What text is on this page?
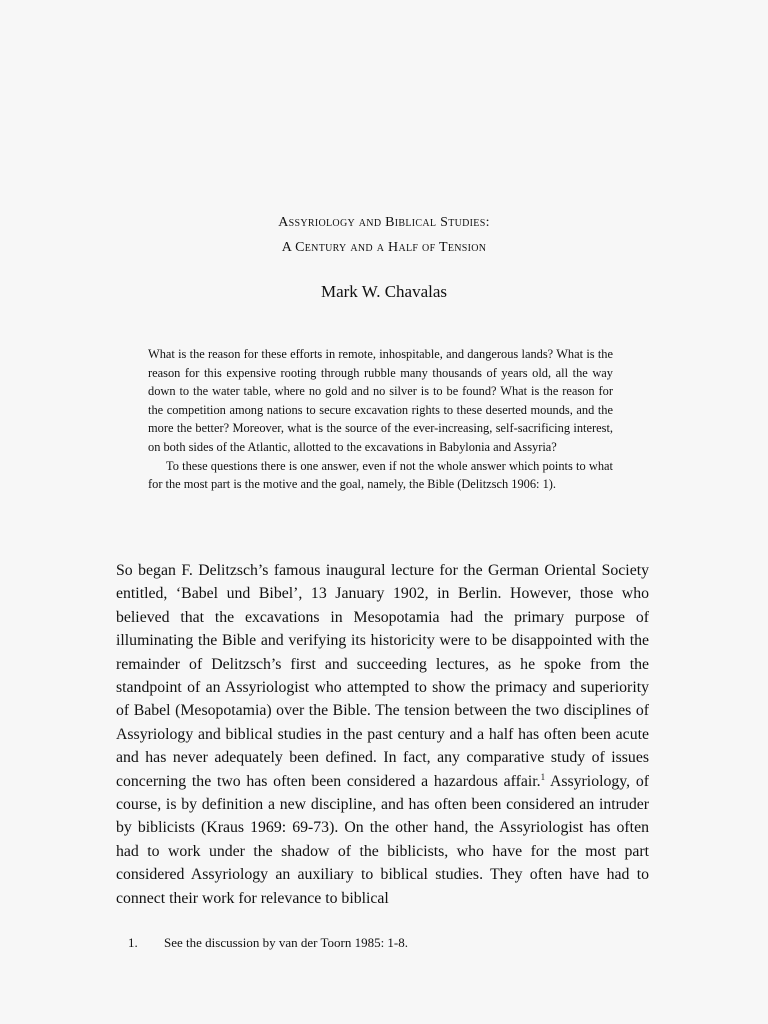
Assyriology and Biblical Studies:
A Century and a Half of Tension
Mark W. Chavalas

What is the reason for these efforts in remote, inhospitable, and dangerous lands? What is the reason for this expensive rooting through rubble many thousands of years old, all the way down to the water table, where no gold and no silver is to be found? What is the reason for the competition among nations to secure excavation rights to these deserted mounds, and the more the better? Moreover, what is the source of the ever-increasing, self-sacrificing interest, on both sides of the Atlantic, allotted to the excavations in Babylonia and Assyria?

To these questions there is one answer, even if not the whole answer which points to what for the most part is the motive and the goal, namely, the Bible (Delitzsch 1906: 1).

So began F. Delitzsch’s famous inaugural lecture for the German Oriental Society entitled, ‘Babel und Bibel’, 13 January 1902, in Berlin. However, those who believed that the excavations in Mesopotamia had the primary purpose of illuminating the Bible and verifying its historicity were to be disappointed with the remainder of Delitzsch’s first and succeeding lectures, as he spoke from the standpoint of an Assyriologist who attempted to show the primacy and superiority of Babel (Mesopotamia) over the Bible. The tension between the two disciplines of Assyriology and biblical studies in the past century and a half has often been acute and has never adequately been defined. In fact, any comparative study of issues concerning the two has often been considered a hazardous affair.$^1$ Assyriology, of course, is by definition a new discipline, and has often been considered an intruder by biblicists (Kraus 1969: 69-73). On the other hand, the Assyriologist has often had to work under the shadow of the biblicists, who have for the most part considered Assyriology an auxiliary to biblical studies. They often have had to connect their work for relevance to biblical

1. See the discussion by van der Toorn 1985: 1-8.
